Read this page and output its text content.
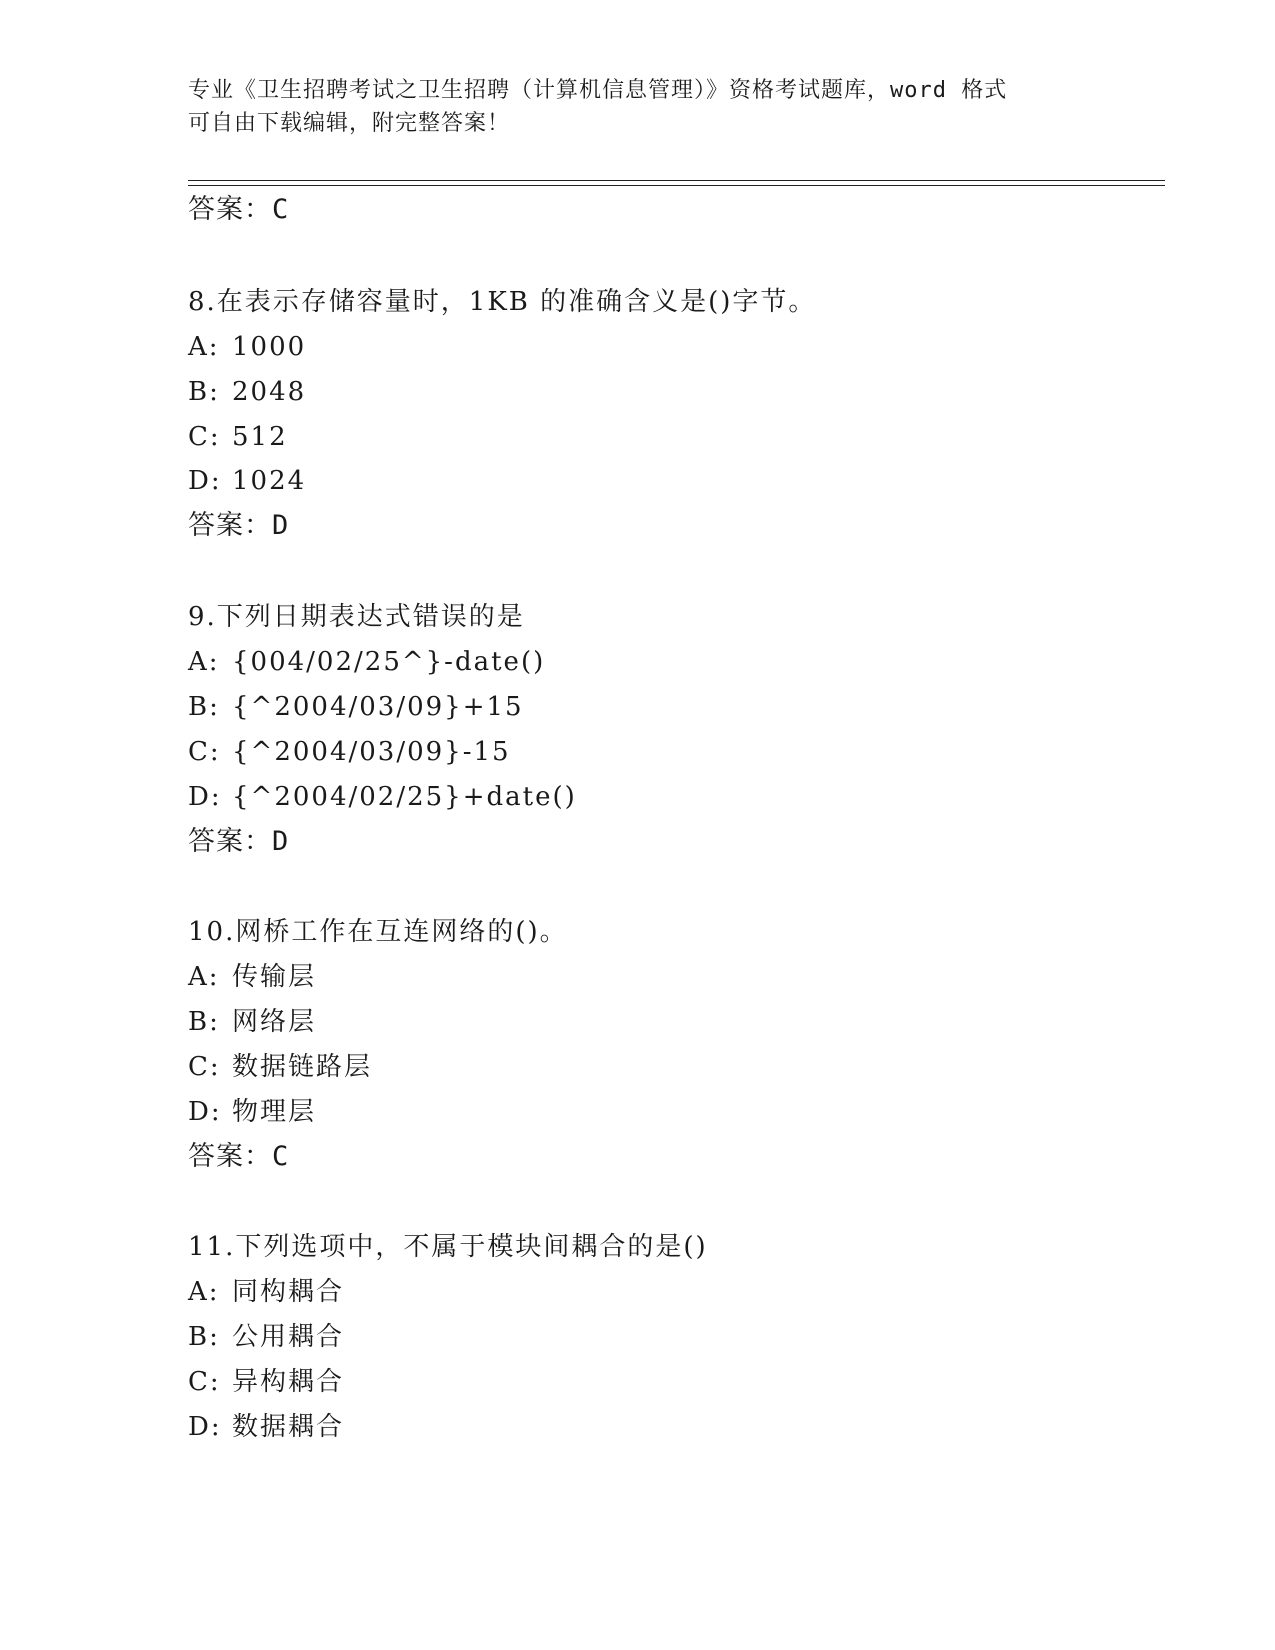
专业《卫生招聘考试之卫生招聘（计算机信息管理）》资格考试题库，word 格式
可自由下载编辑，附完整答案！
答案：C
8.在表示存储容量时，1KB 的准确含义是()字节。
A: 1000
B: 2048
C: 512
D: 1024
答案：D
9.下列日期表达式错误的是
A: {004/02/25^}-date()
B: {^2004/03/09}+15
C: {^2004/03/09}-15
D: {^2004/02/25}+date()
答案：D
10.网桥工作在互连网络的()。
A: 传输层
B: 网络层
C: 数据链路层
D: 物理层
答案：C
11.下列选项中，不属于模块间耦合的是()
A: 同构耦合
B: 公用耦合
C: 异构耦合
D: 数据耦合
